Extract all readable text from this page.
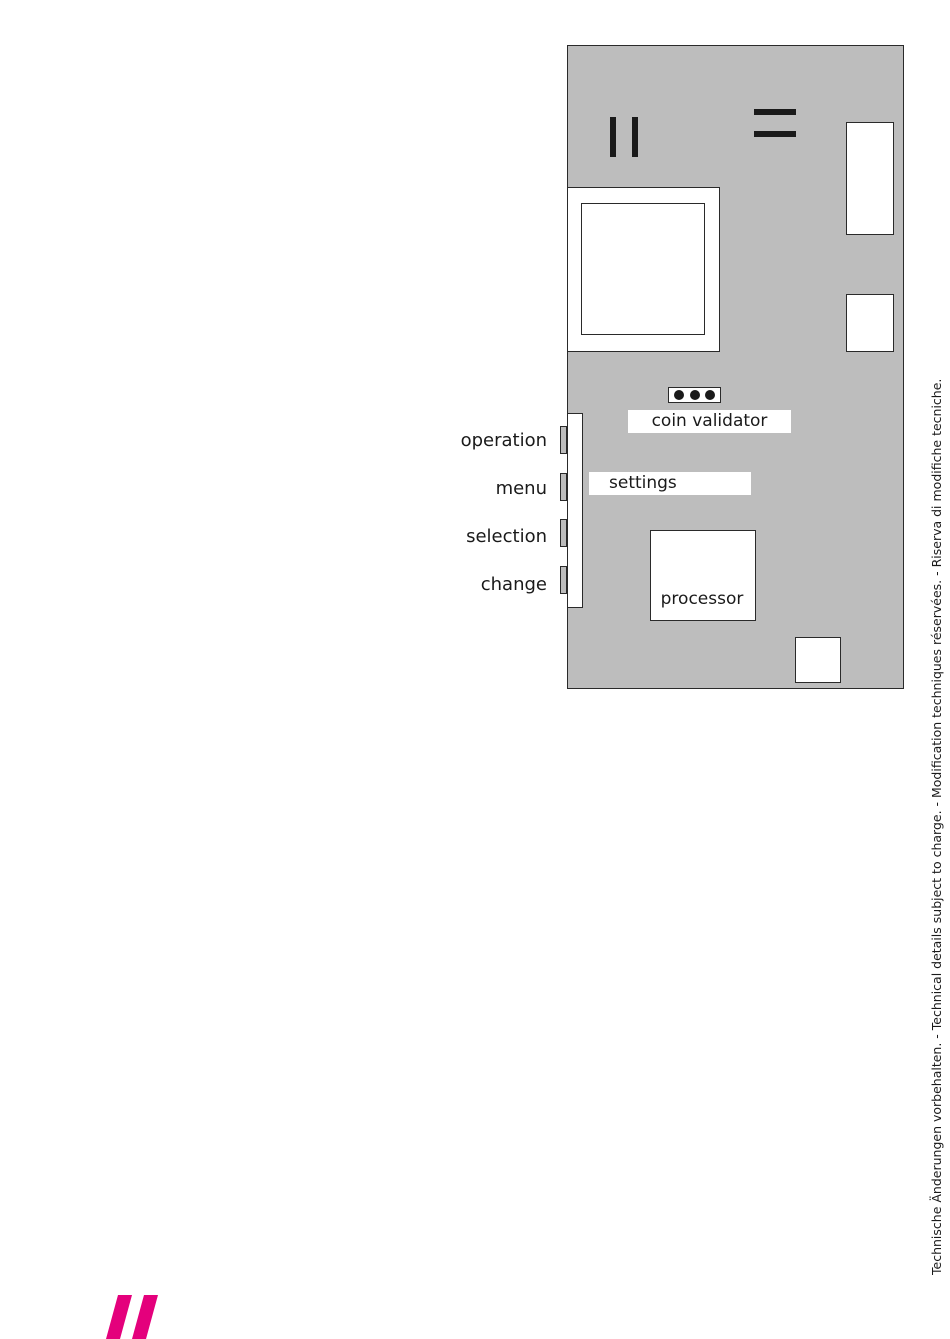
coin validator
settings
processor
operation
menu
selection
change	Technische Änderungen vorbehalten. - Technical details subject to charge. - Modification techniques réservées. - Riserva di modifiche tecniche.
